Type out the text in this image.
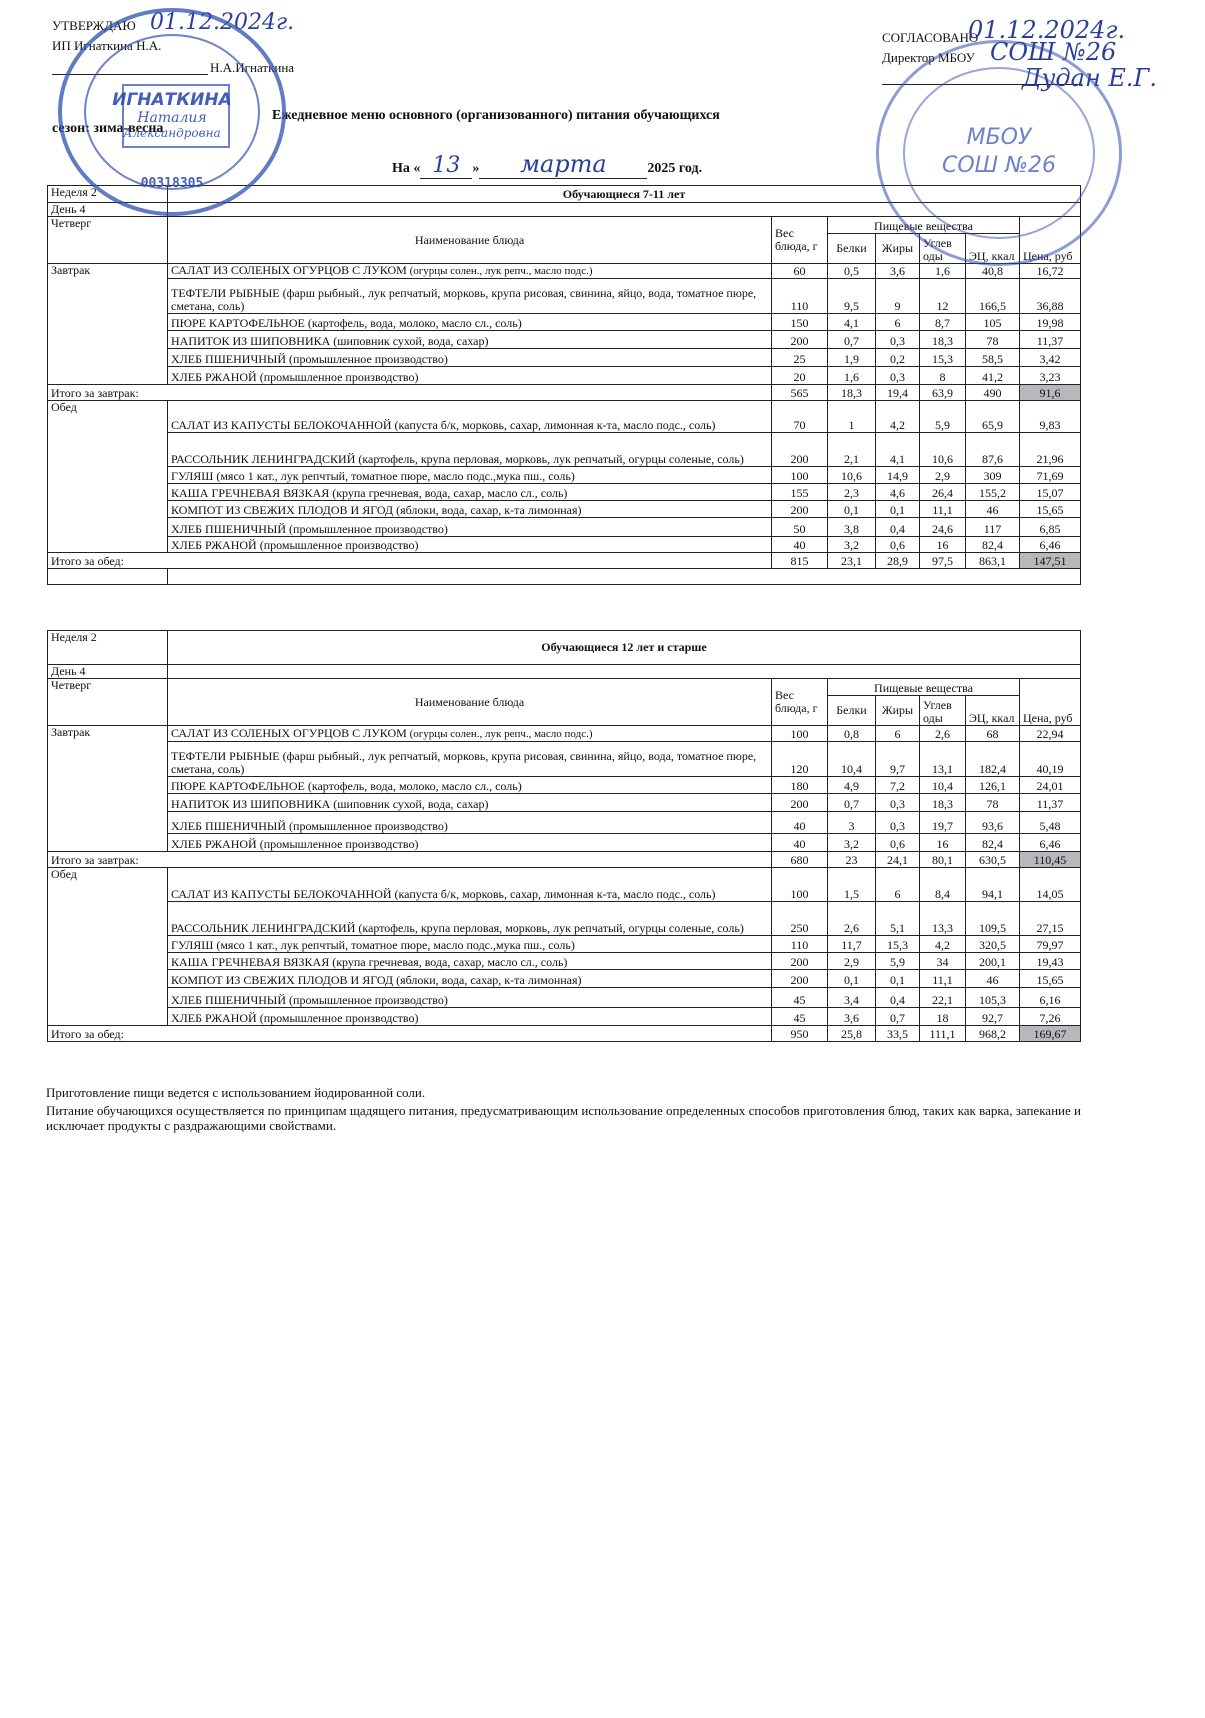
УТВЕРЖДАЮ 01.12.2024г.
ИП Игнаткина Н.А.
Н.А.Игнаткина
СОГЛАСОВАНО
01.12.2024г.
Директор МБОУ СОШ №26
Дудан Е.Г.
Ежедневное меню основного (организованного) питания обучающихся
сезон: зима-весна
На « 13 » марта	2025 год.
Неделя 2	Обучающиеся 7-11 лет						
День 4							
Четверг	Наименование блюда	Вес блюда, г	Пищевые вещества				Цена, руб
			Белки	Жиры	Углев оды	ЭЦ, ккал	
Завтрак	САЛАТ ИЗ СОЛЕНЫХ ОГУРЦОВ С ЛУКОМ (огурцы солен., лук репч., масло подс.)	60	0,5	3,6	1,6	40,8	16,72
	ТЕФТЕЛИ РЫБНЫЕ (фарш рыбный., лук репчатый, морковь, крупа рисовая, свинина, яйцо, вода, томатное пюре, сметана, соль)	110	9,5	9	12	166,5	36,88
	ПЮРЕ КАРТОФЕЛЬНОЕ (картофель, вода, молоко, масло сл., соль)	150	4,1	6	8,7	105	19,98
	НАПИТОК ИЗ ШИПОВНИКА (шиповник сухой, вода, сахар)	200	0,7	0,3	18,3	78	11,37
	ХЛЕБ ПШЕНИЧНЫЙ (промышленное производство)	25	1,9	0,2	15,3	58,5	3,42
	ХЛЕБ РЖАНОЙ (промышленное производство)	20	1,6	0,3	8	41,2	3,23
Итого за завтрак:		565	18,3	19,4	63,9	490	91,6
Обед	САЛАТ ИЗ КАПУСТЫ БЕЛОКОЧАННОЙ (капуста б/к, морковь, сахар, лимонная к-та, масло подс., соль)	70	1	4,2	5,9	65,9	9,83
	РАССОЛЬНИК ЛЕНИНГРАДСКИЙ (картофель, крупа перловая, морковь, лук репчатый, огурцы соленые, соль)	200	2,1	4,1	10,6	87,6	21,96
	ГУЛЯШ (мясо 1 кат., лук репчтый, томатное пюре, масло подс.,мука пш., соль)	100	10,6	14,9	2,9	309	71,69
	КАША ГРЕЧНЕВАЯ ВЯЗКАЯ (крупа гречневая, вода, сахар, масло сл., соль)	155	2,3	4,6	26,4	155,2	15,07
	КОМПОТ ИЗ СВЕЖИХ ПЛОДОВ И ЯГОД (яблоки, вода, сахар, к-та лимонная)	200	0,1	0,1	11,1	46	15,65
	ХЛЕБ ПШЕНИЧНЫЙ (промышленное производство)	50	3,8	0,4	24,6	117	6,85
	ХЛЕБ РЖАНОЙ (промышленное производство)	40	3,2	0,6	16	82,4	6,46
Итого за обед:		815	23,1	28,9	97,5	863,1	147,51

Неделя 2	Обучающиеся 12 лет и старше						
День 4							
Четверг	Наименование блюда	Вес блюда, г	Пищевые вещества				Цена, руб
			Белки	Жиры	Углев оды	ЭЦ, ккал	
Завтрак	САЛАТ ИЗ СОЛЕНЫХ ОГУРЦОВ С ЛУКОМ (огурцы солен., лук репч., масло подс.)	100	0,8	6	2,6	68	22,94
	ТЕФТЕЛИ РЫБНЫЕ (фарш рыбный., лук репчатый, морковь, крупа рисовая, свинина, яйцо, вода, томатное пюре, сметана, соль)	120	10,4	9,7	13,1	182,4	40,19
	ПЮРЕ КАРТОФЕЛЬНОЕ (картофель, вода, молоко, масло сл., соль)	180	4,9	7,2	10,4	126,1	24,01
	НАПИТОК ИЗ ШИПОВНИКА (шиповник сухой, вода, сахар)	200	0,7	0,3	18,3	78	11,37
	ХЛЕБ ПШЕНИЧНЫЙ (промышленное производство)	40	3	0,3	19,7	93,6	5,48
	ХЛЕБ РЖАНОЙ (промышленное производство)	40	3,2	0,6	16	82,4	6,46
Итого за завтрак:		680	23	24,1	80,1	630,5	110,45
Обед	САЛАТ ИЗ КАПУСТЫ БЕЛОКОЧАННОЙ (капуста б/к, морковь, сахар, лимонная к-та, масло подс., соль)	100	1,5	6	8,4	94,1	14,05
	РАССОЛЬНИК ЛЕНИНГРАДСКИЙ (картофель, крупа перловая, морковь, лук репчатый, огурцы соленые, соль)	250	2,6	5,1	13,3	109,5	27,15
	ГУЛЯШ (мясо 1 кат., лук репчтый, томатное пюре, масло подс.,мука пш., соль)	110	11,7	15,3	4,2	320,5	79,97
	КАША ГРЕЧНЕВАЯ ВЯЗКАЯ (крупа гречневая, вода, сахар, масло сл., соль)	200	2,9	5,9	34	200,1	19,43
	КОМПОТ ИЗ СВЕЖИХ ПЛОДОВ И ЯГОД (яблоки, вода, сахар, к-та лимонная)	200	0,1	0,1	11,1	46	15,65
	ХЛЕБ ПШЕНИЧНЫЙ (промышленное производство)	45	3,4	0,4	22,1	105,3	6,16
	ХЛЕБ РЖАНОЙ (промышленное производство)	45	3,6	0,7	18	92,7	7,26
Итого за обед:		950	25,8	33,5	111,1	968,2	169,67
Приготовление пищи ведется с использованием йодированной соли.
Питание обучающихся осуществляется по принципам щадящего питания, предусматривающим использование определенных способов приготовления блюд, таких как варка, запекание и исключает продукты с раздражающими свойствами.
ИГНАТКИНА
Наталия
Александровна
00318305
МБОУ
СОШ №26
